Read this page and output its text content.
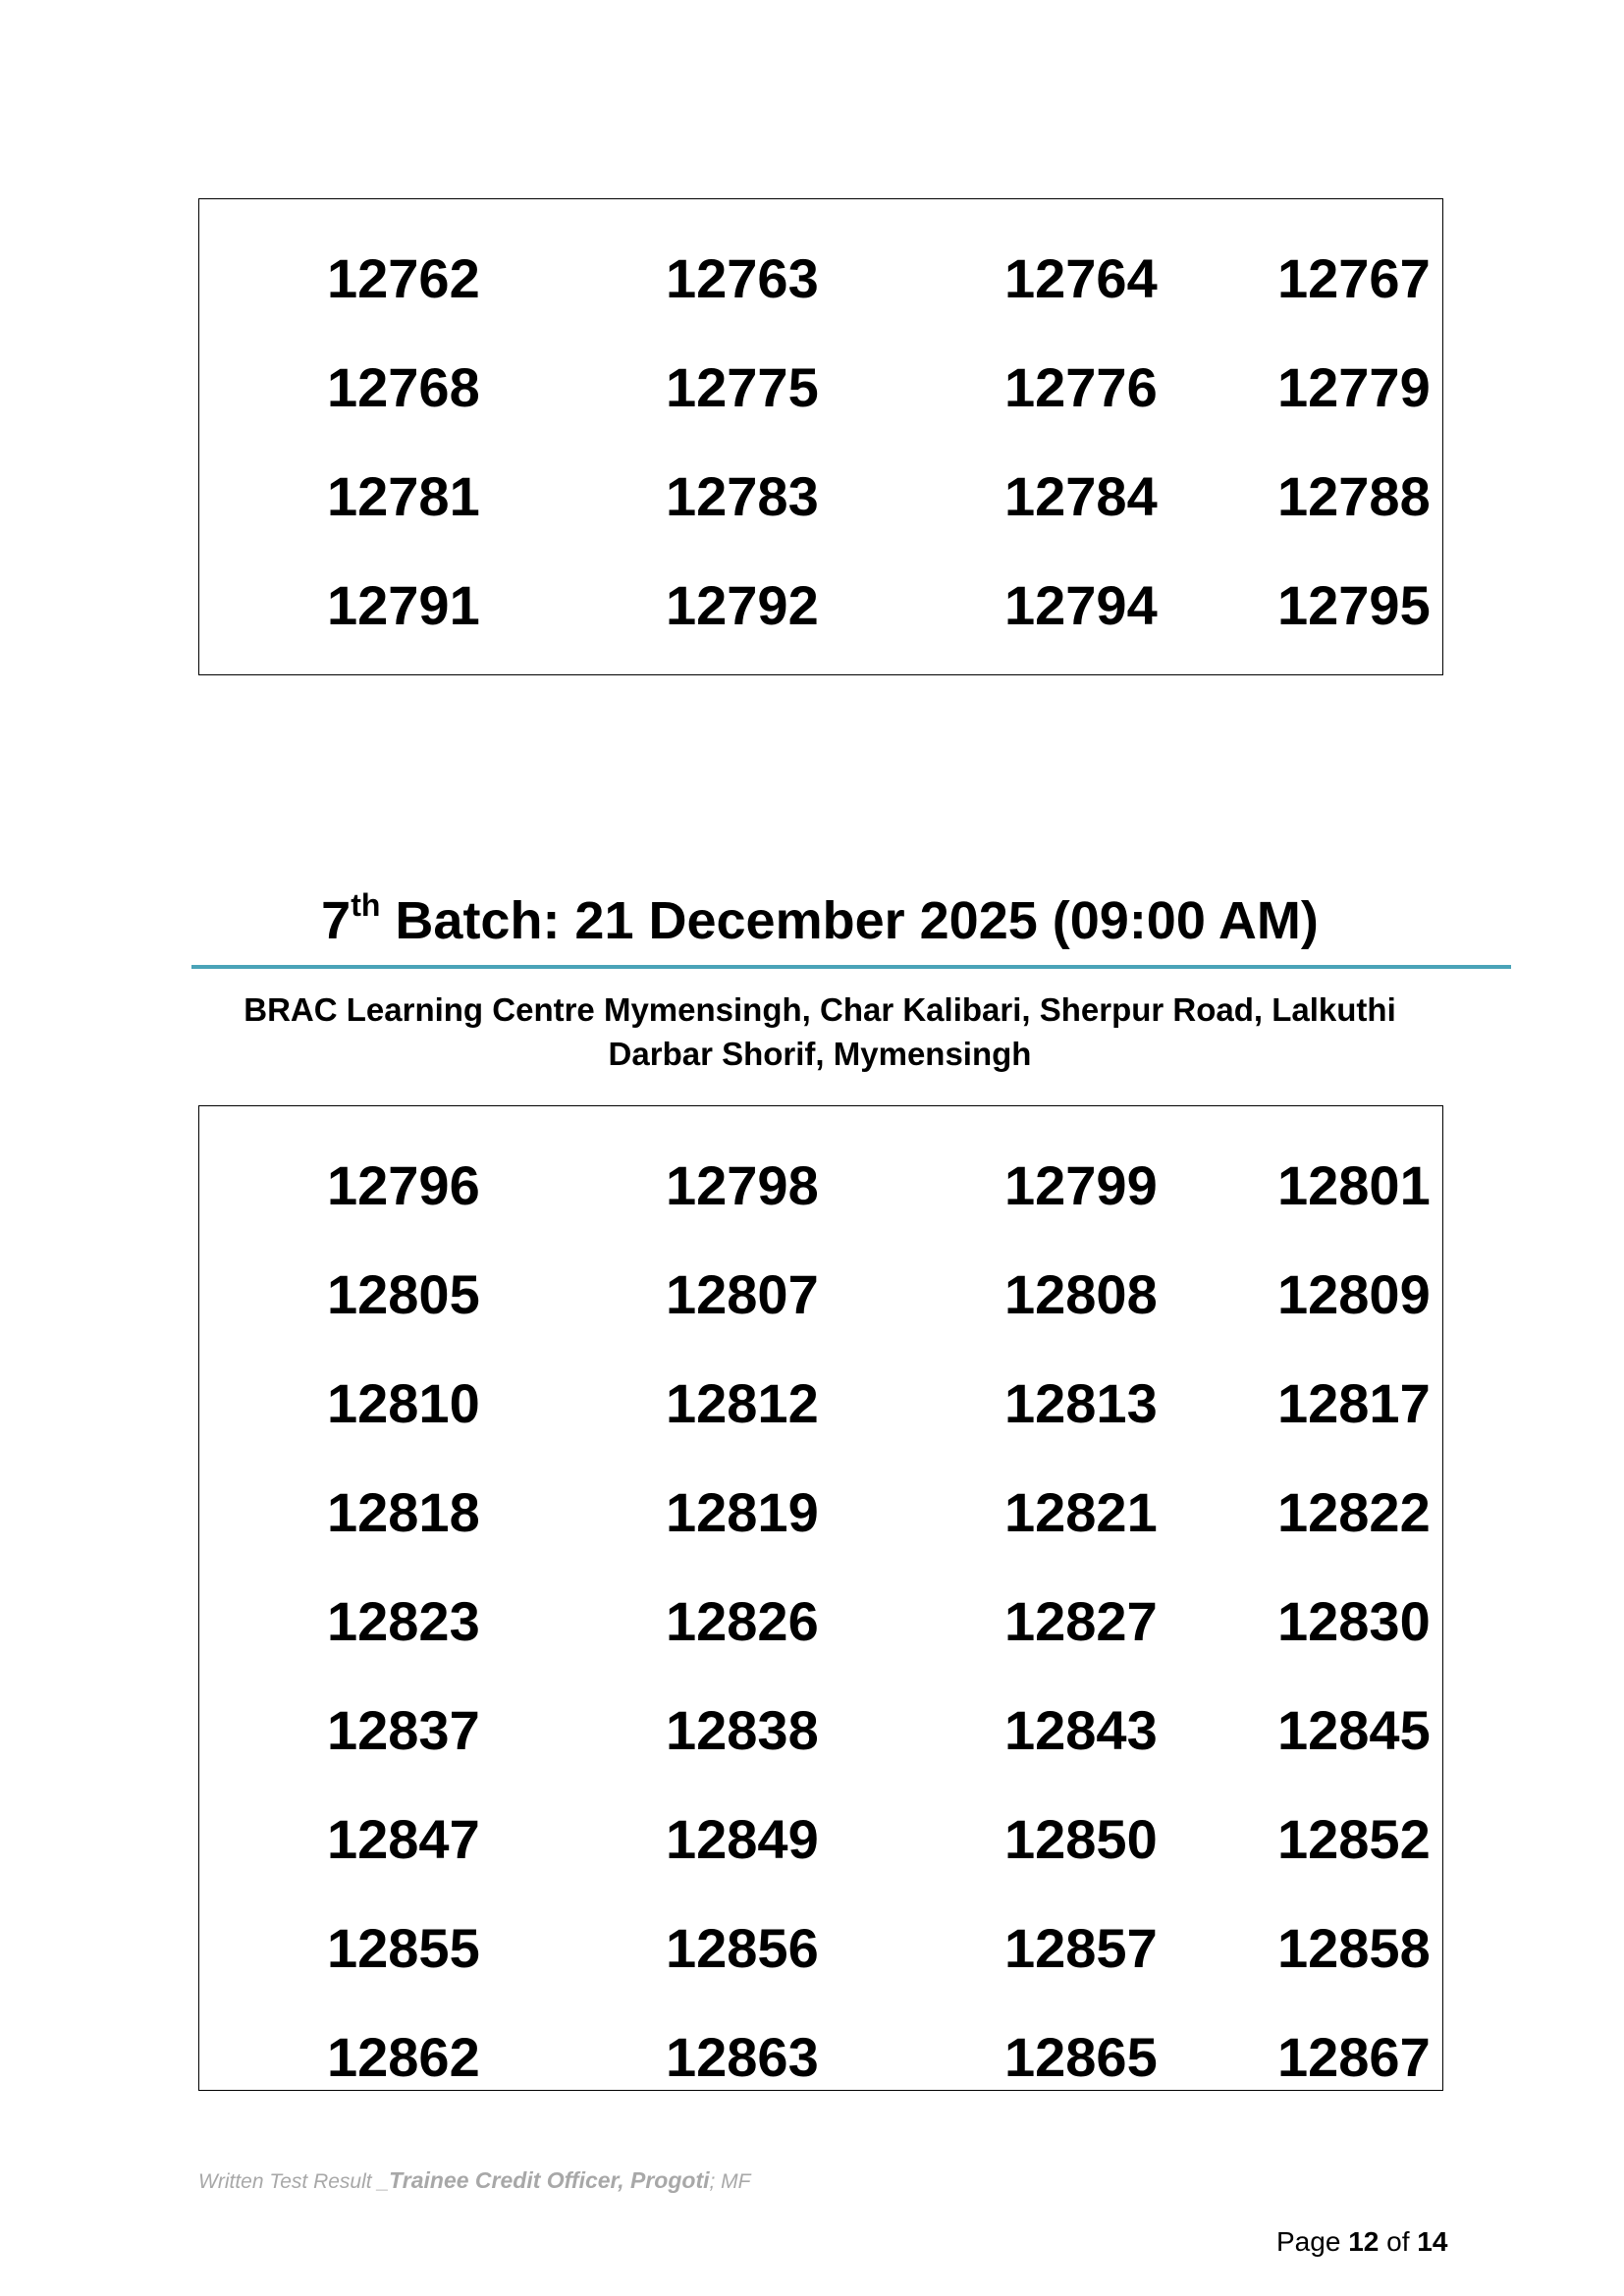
12762	12763	12764 12767
12768	12775	12776 12779
12781	12783	12784 12788
12791	12792	12794 12795
7th Batch: 21 December 2025 (09:00 AM)
BRAC Learning Centre Mymensingh, Char Kalibari, Sherpur Road, Lalkuthi Darbar Shorif, Mymensingh
12796	12798	12799 12801
12805	12807	12808 12809
12810	12812	12813 12817
12818	12819	12821 12822
12823	12826	12827 12830
12837	12838	12843 12845
12847	12849	12850 12852
12855	12856	12857 12858
12862	12863	12865 12867
Written Test Result _Trainee Credit Officer, Progoti; MF
Page 12 of 14
